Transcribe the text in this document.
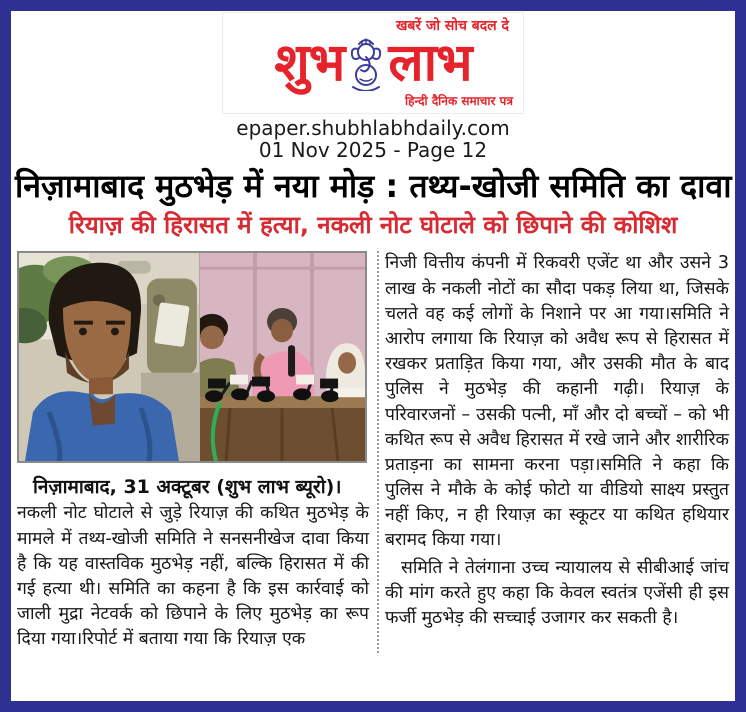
खबरें जो सोच बदल दे
शुभ लाभ
हिन्दी दैनिक समाचार पत्र
epaper.shubhlabhdaily.com
01 Nov 2025 - Page 12
निज़ामाबाद मुठभेड़ में नया मोड़ : तथ्य-खोजी समिति का दावा
रियाज़ की हिरासत में हत्या, नकली नोट घोटाले को छिपाने की कोशिश
निज़ामाबाद, 31 अक्टूबर (शुभ लाभ ब्यूरो)।
नकली नोट घोटाले से जुड़े रियाज़ की कथित मुठभेड़ के मामले में तथ्य-खोजी समिति ने सनसनीखेज दावा किया है कि यह वास्तविक मुठभेड़ नहीं, बल्कि हिरासत में की गई हत्या थी। समिति का कहना है कि इस कार्रवाई को जाली मुद्रा नेटवर्क को छिपाने के लिए मुठभेड़ का रूप दिया गया।रिपोर्ट में बताया गया कि रियाज़ एक
निजी वित्तीय कंपनी में रिकवरी एजेंट था और उसने 3 लाख के नकली नोटों का सौदा पकड़ लिया था, जिसके चलते वह कई लोगों के निशाने पर आ गया।समिति ने आरोप लगाया कि रियाज़ को अवैध रूप से हिरासत में रखकर प्रताड़ित किया गया, और उसकी मौत के बाद पुलिस ने मुठभेड़ की कहानी गढ़ी। रियाज़ के परिवारजनों – उसकी पत्नी, माँ और दो बच्चों – को भी कथित रूप से अवैध हिरासत में रखे जाने और शारीरिक प्रताड़ना का सामना करना पड़ा।समिति ने कहा कि पुलिस ने मौके के कोई फोटो या वीडियो साक्ष्य प्रस्तुत नहीं किए, न ही रियाज़ का स्कूटर या कथित हथियार बरामद किया गया।
समिति ने तेलंगाना उच्च न्यायालय से सीबीआई जांच की मांग करते हुए कहा कि केवल स्वतंत्र एजेंसी ही इस फर्जी मुठभेड़ की सच्चाई उजागर कर सकती है।
